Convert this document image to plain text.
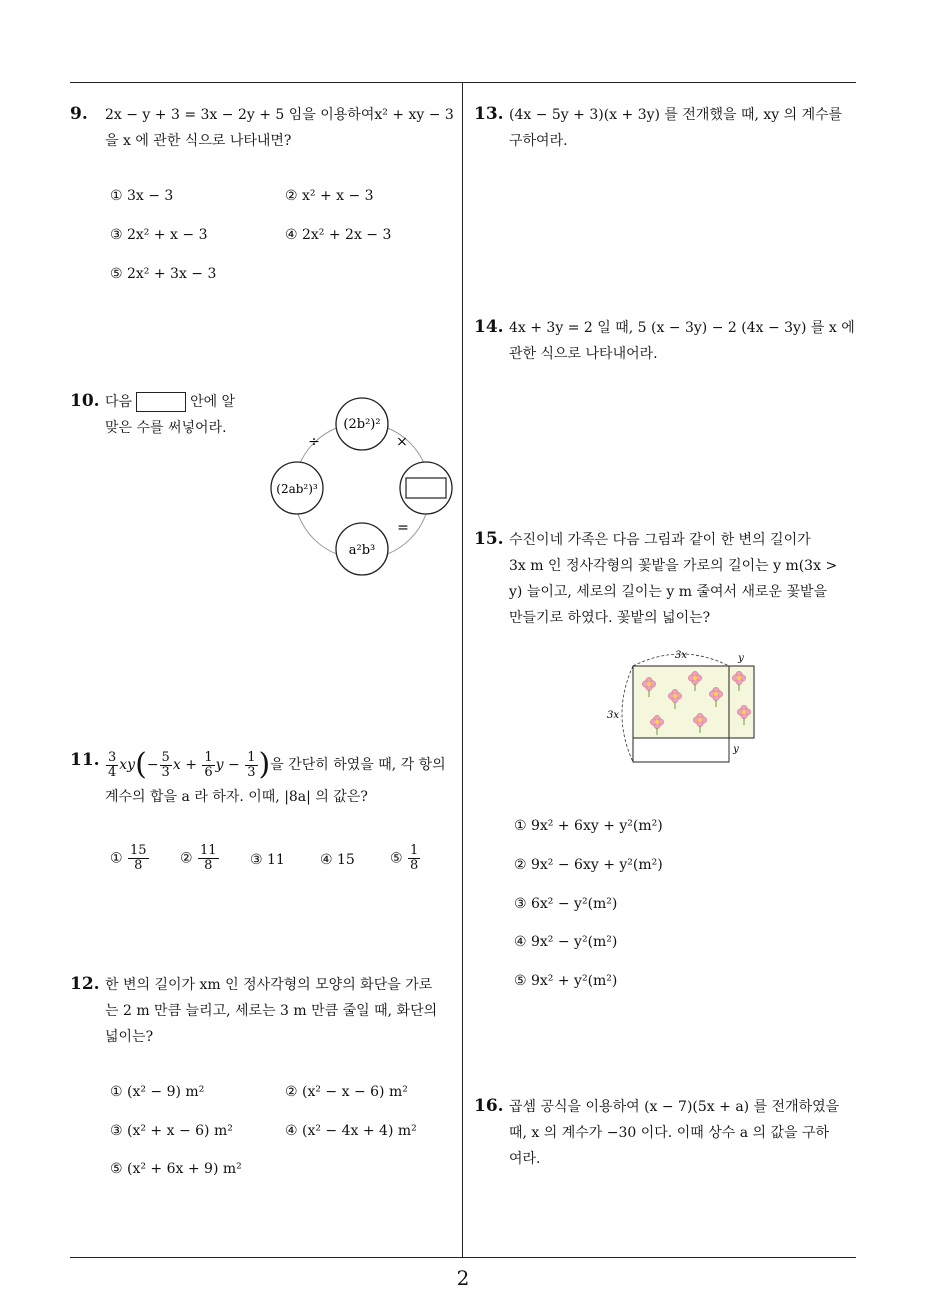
9. 2x − y + 3 = 3x − 2y + 5 임을 이용하여x² + xy − 3
을 x 에 관한 식으로 나타내면?
① 3x − 3	② x² + x − 3
③ 2x² + x − 3	④ 2x² + 2x − 3
⑤ 2x² + 3x − 3
10. 다음	안에 알
맞은 수를 써넣어라.	(2b²)²
(2ab²)³
a²b³
÷	×
=
11. $\frac{3}{4} xy(- \frac{5}{3}$ $x + \frac{1}{6}$ $y - \frac{1}{3}$ )을 간단히 하였을 때, 각 항의
계수의 합을 a 라 하자. 이때, |8a| 의 값은?
① $\frac{15}{8}$ ② $\frac{11}{8}$ ③ 11	④ 15	⑤ $\frac{1}{8}$
12. 한 변의 길이가 xm 인 정사각형의 모양의 화단을 가로
는 2 m 만큼 늘리고, 세로는 3 m 만큼 줄일 때, 화단의
넓이는?
① (x² − 9) m²	② (x² − x − 6) m²
③ (x² + x − 6) m²	④ (x² − 4x + 4) m²
⑤ (x² + 6x + 9) m²
13. (4x − 5y + 3)(x + 3y) 를 전개했을 때, xy 의 계수를
구하여라.
14. 4x + 3y = 2 일 때, 5 (x − 3y) − 2 (4x − 3y) 를 x 에
관한 식으로 나타내어라.
15. 수진이네 가족은 다음 그림과 같이 한 변의 길이가
3x m 인 정사각형의 꽃밭을 가로의 길이는 y m(3x >
y) 늘이고, 세로의 길이는 y m 줄여서 새로운 꽃밭을
만들기로 하였다. 꽃밭의 넓이는?
3x	y
3x
y
① 9x² + 6xy + y²(m²)
② 9x² − 6xy + y²(m²)
③ 6x² − y²(m²)
④ 9x² − y²(m²)
⑤ 9x² + y²(m²)
16. 곱셈 공식을 이용하여 (x − 7)(5x + a) 를 전개하였을
때, x 의 계수가 −30 이다. 이때 상수 a 의 값을 구하
여라.
2
